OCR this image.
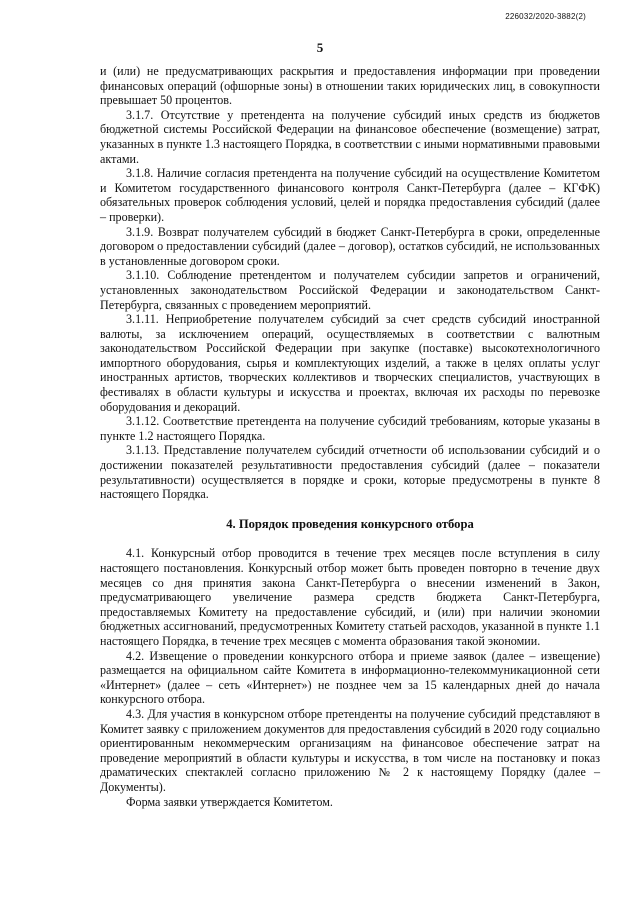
226032/2020-3882(2)
5

и (или) не предусматривающих раскрытия и предоставления информации при проведении финансовых операций (офшорные зоны) в отношении таких юридических лиц, в совокупности превышает 50 процентов.

3.1.7. Отсутствие у претендента на получение субсидий иных средств из бюджетов бюджетной системы Российской Федерации на финансовое обеспечение (возмещение) затрат, указанных в пункте 1.3 настоящего Порядка, в соответствии с иными нормативными правовыми актами.

3.1.8. Наличие согласия претендента на получение субсидий на осуществление Комитетом и Комитетом государственного финансового контроля Санкт-Петербурга (далее – КГФК) обязательных проверок соблюдения условий, целей и порядка предоставления субсидий (далее – проверки).

3.1.9. Возврат получателем субсидий в бюджет Санкт-Петербурга в сроки, определенные договором о предоставлении субсидий (далее – договор), остатков субсидий, не использованных в установленные договором сроки.

3.1.10. Соблюдение претендентом и получателем субсидии запретов и ограничений, установленных законодательством Российской Федерации и законодательством Санкт-Петербурга, связанных с проведением мероприятий.

3.1.11. Неприобретение получателем субсидий за счет средств субсидий иностранной валюты, за исключением операций, осуществляемых в соответствии с валютным законодательством Российской Федерации при закупке (поставке) высокотехнологичного импортного оборудования, сырья и комплектующих изделий, а также в целях оплаты услуг иностранных артистов, творческих коллективов и творческих специалистов, участвующих в фестивалях в области культуры и искусства и проектах, включая их расходы по перевозке оборудования и декораций.

3.1.12. Соответствие претендента на получение субсидий требованиям, которые указаны в пункте 1.2 настоящего Порядка.

3.1.13. Представление получателем субсидий отчетности об использовании субсидий и о достижении показателей результативности предоставления субсидий (далее – показатели результативности) осуществляется в порядке и сроки, которые предусмотрены в пункте 8 настоящего Порядка.

4. Порядок проведения конкурсного отбора

4.1. Конкурсный отбор проводится в течение трех месяцев после вступления в силу настоящего постановления. Конкурсный отбор может быть проведен повторно в течение двух месяцев со дня принятия закона Санкт-Петербурга о внесении изменений в Закон, предусматривающего увеличение размера средств бюджета Санкт-Петербурга, предоставляемых Комитету на предоставление субсидий, и (или) при наличии экономии бюджетных ассигнований, предусмотренных Комитету статьей расходов, указанной в пункте 1.1 настоящего Порядка, в течение трех месяцев с момента образования такой экономии.

4.2. Извещение о проведении конкурсного отбора и приеме заявок (далее – извещение) размещается на официальном сайте Комитета в информационно-телекоммуникационной сети «Интернет» (далее – сеть «Интернет») не позднее чем за 15 календарных дней до начала конкурсного отбора.

4.3. Для участия в конкурсном отборе претенденты на получение субсидий представляют в Комитет заявку с приложением документов для предоставления субсидий в 2020 году социально ориентированным некоммерческим организациям на финансовое обеспечение затрат на проведение мероприятий в области культуры и искусства, в том числе на постановку и показ драматических спектаклей согласно приложению № 2 к настоящему Порядку (далее – Документы).

Форма заявки утверждается Комитетом.
